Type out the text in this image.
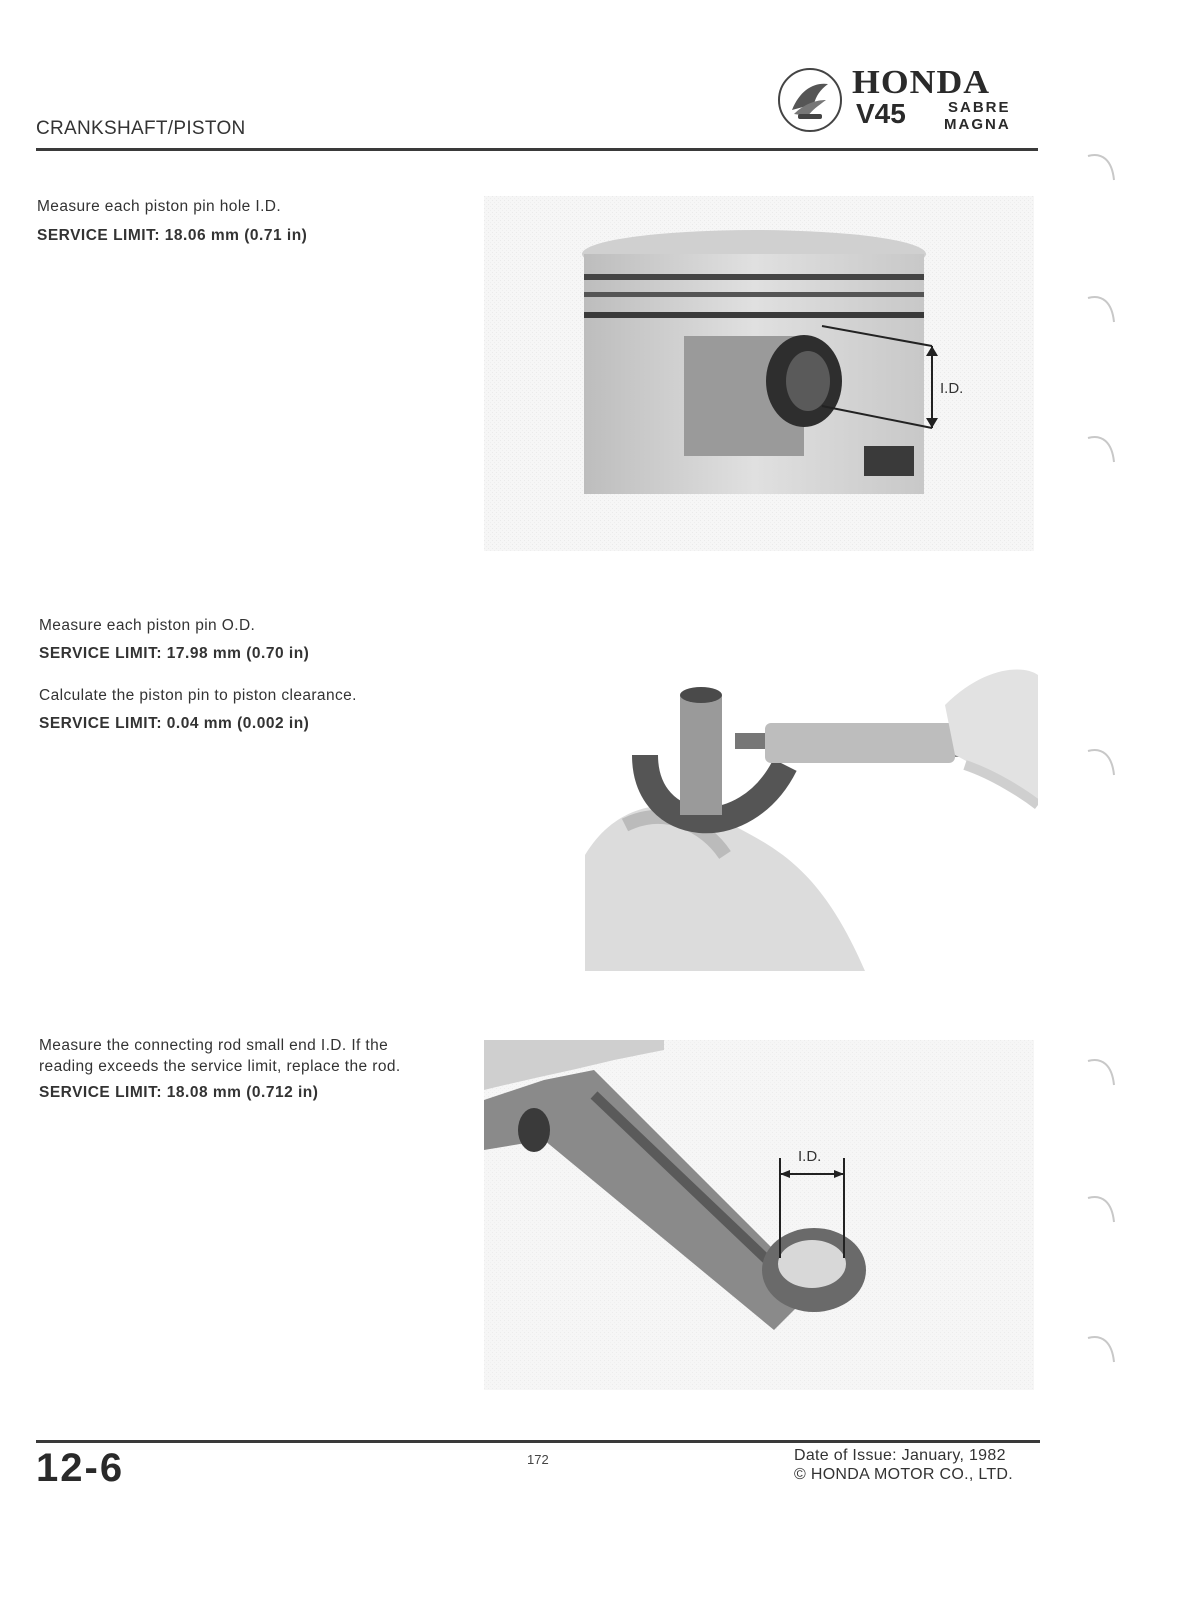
CRANKSHAFT/PISTON
HONDA
V45	SABRE
MAGNA
Measure each piston pin hole I.D.
SERVICE LIMIT: 18.06 mm (0.71 in)
I.D.
Measure each piston pin O.D.
SERVICE LIMIT: 17.98 mm (0.70 in)
Calculate the piston pin to piston clearance.
SERVICE LIMIT: 0.04 mm (0.002 in)
Measure the connecting rod small end I.D. If the
reading exceeds the service limit, replace the rod.
SERVICE LIMIT: 18.08 mm (0.712 in)
I.D.
12-6	172	Date of Issue: January, 1982
© HONDA MOTOR CO., LTD.
